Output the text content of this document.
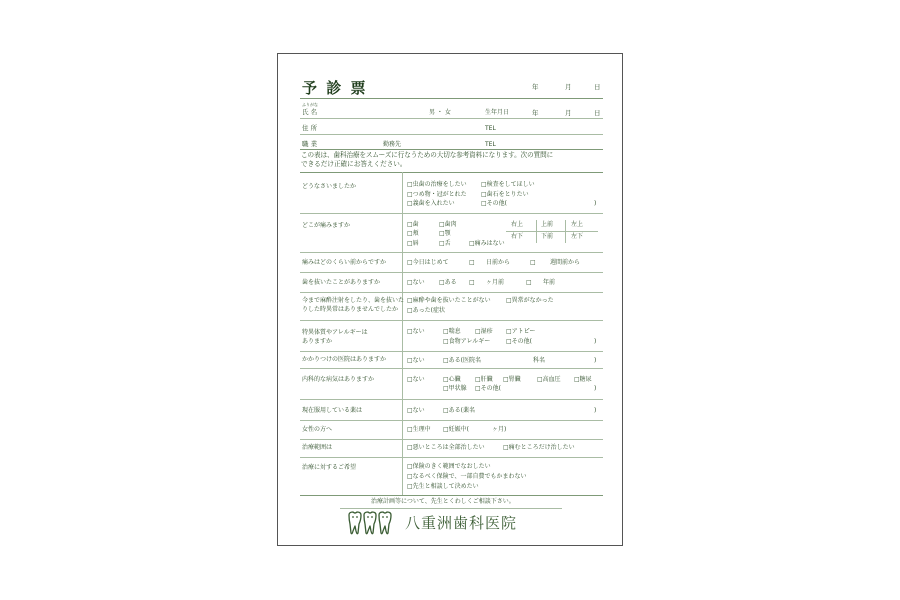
予 診 票	年	月	日
ふりがな
氏 名	男 ・ 女	生年月日	年	月	日
住 所	TEL
職 業	勤務先	TEL
この表は、歯科治療をスムーズに行なうための大切な参考資料になります。次の質問に
できるだけ正確にお答えください。
どうなさいましたか	□虫歯の治療をしたい □検査をしてほしい
□つめ物・冠がとれた □歯石をとりたい
□義歯を入れたい	□その他(	)
どこが痛みますか	□歯	□歯肉
□頬	□顎
□唇	□舌	□痛みはない
右上	上前	左上
右下	下前	左下
痛みはどのくらい前からですか	□今日はじめて	□ 日前から	□ 週間前から
歯を抜いたことがありますか	□ない □ある □ ヶ月前	□ 年前
今まで麻酔注射をしたり、歯を抜いた
りした時異常はありませんでしたか
□麻酔や歯を抜いたことがない	□異常がなかった
□あった(症状
特異体質やアレルギーは
ありますか
□ない	□喘息 □湿疹 □アトピー
□食物アレルギー	□その他(	)
かかりつけの医院はありますか	□ない	□ある(医院名	科名	)
内科的な病気はありますか	□ない	□心臓 □肝臓 □腎臓	□高血圧 □糖尿
□甲状腺 □その他(	)
現在服用している薬は	□ない	□ある(薬名	)
女性の方へ	□生理中 □妊娠中(	ヶ月)
治療範囲は	□悪いところは全部治したい	□痛むところだけ治したい
治療に対するご希望	□保険のきく範囲でなおしたい
□なるべく保険で、一部自費でもかまわない
□先生と相談して決めたい
治療計画等について、先生とくわしくご相談下さい。
八重洲歯科医院
